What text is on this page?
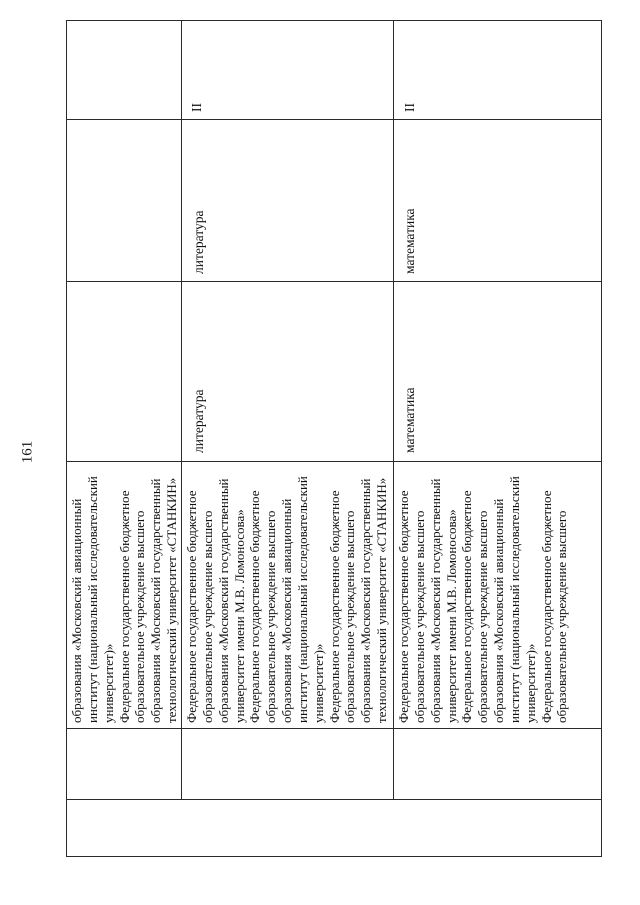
161
образования «Московский авиационный институт (национальный исследовательский университет)» Федеральное государственное бюджетное образовательное учреждение высшего образования «Московский государственный технологический университет «СТАНКИН»
II
Федеральное государственное бюджетное образовательное учреждение высшего образования «Московский государственный университет имени М.В. Ломоносова» Федеральное государственное бюджетное образовательное учреждение высшего образования «Московский авиационный институт (национальный исследовательский университет)» Федеральное государственное бюджетное образовательное учреждение высшего образования «Московский государственный технологический университет «СТАНКИН»
литература
литература
Федеральное государственное бюджетное образовательное учреждение высшего образования «Московский государственный университет имени М.В. Ломоносова» Федеральное государственное бюджетное образовательное учреждение высшего образования «Московский авиационный институт (национальный исследовательский университет)» Федеральное государственное бюджетное образовательное учреждение высшего
математика
математика
II
